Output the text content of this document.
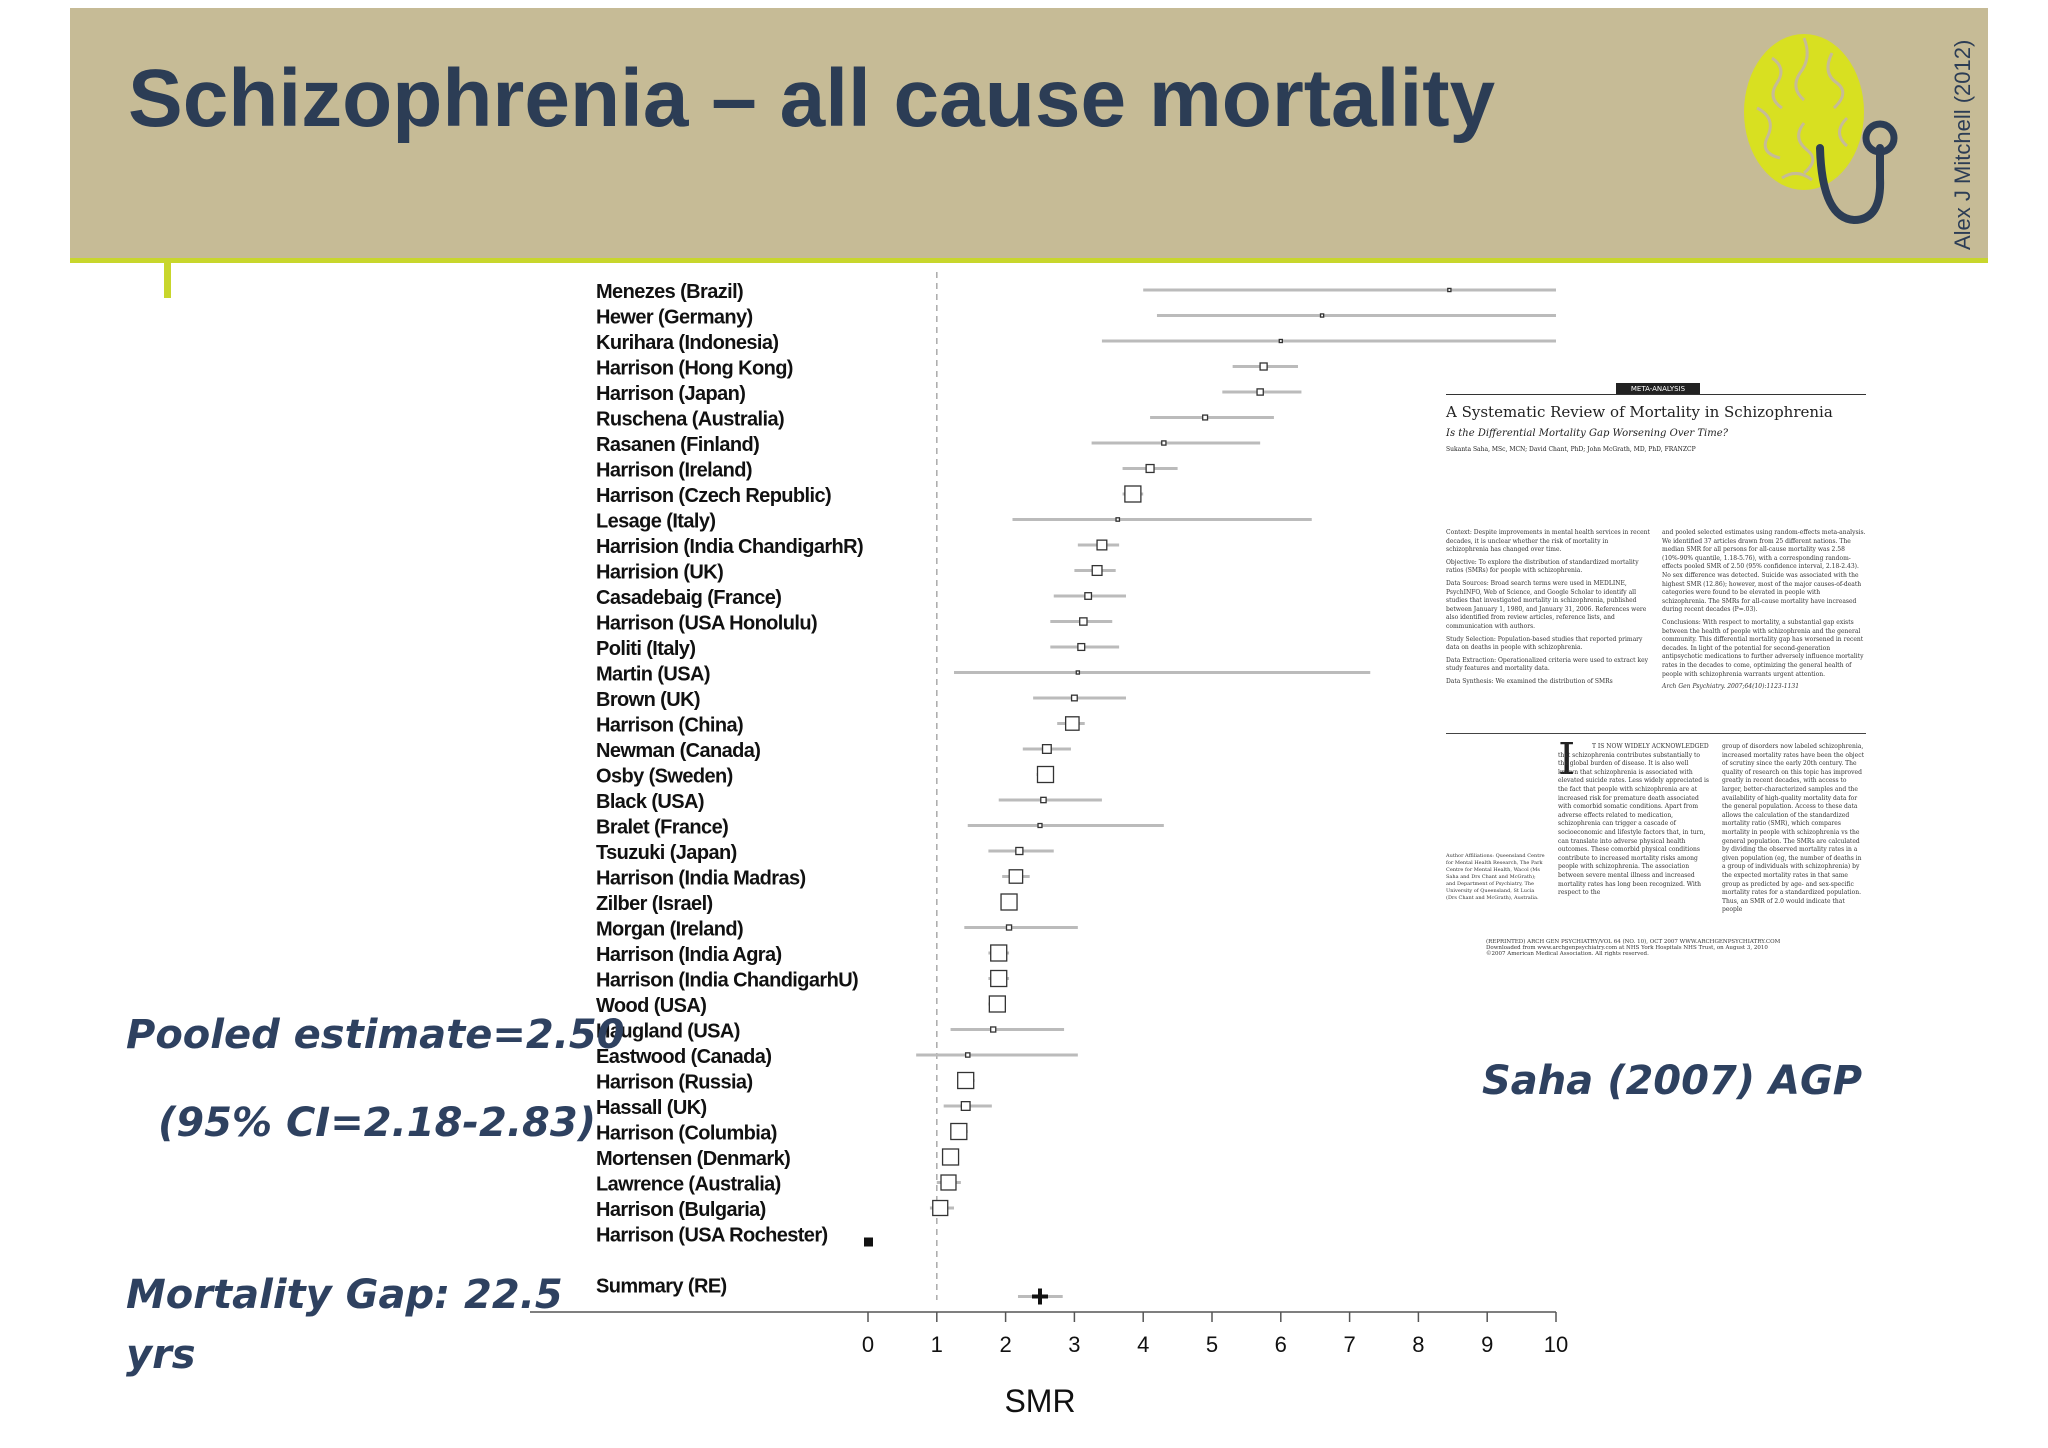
Schizophrenia – all cause mortality	Alex J Mitchell (2012)
Menezes (Brazil)
Hewer (Germany)
Kurihara (Indonesia)
Harrison (Hong Kong)
Harrison (Japan)
Ruschena (Australia)
Rasanen (Finland)
Harrison (Ireland)
Harrison (Czech Republic)
Lesage (Italy)
Harrision (India ChandigarhR)
Harrision (UK)
Casadebaig (France)
Harrison (USA Honolulu)
Politi (Italy)
Martin (USA)
Brown (UK)
Harrison (China)
Newman (Canada)
Osby (Sweden)
Black (USA)
Bralet (France)
Tsuzuki (Japan)
Harrison (India Madras)
Zilber (Israel)
Morgan (Ireland)
Harrison (India Agra)
Harrison (India ChandigarhU)
Wood (USA)
Haugland (USA)
Eastwood (Canada)
Harrison (Russia)
Hassall (UK)
Harrison (Columbia)
Mortensen (Denmark)
Lawrence (Australia)
Harrison (Bulgaria)
Harrison (USA Rochester)
Summary (RE)
0	1	2	3	4	5	6	7	8	9 10
SMR
Pooled estimate=2.50
(95% CI=2.18-2.83)
Mortality Gap: 22.5
yrs
Saha (2007) AGP
META-ANALYSIS
A Systematic Review of Mortality in Schizophrenia
Is the Differential Mortality Gap Worsening Over Time?
Sukanta Saha, MSc, MCN; David Chant, PhD; John McGrath, MD, PhD, FRANZCP
Context: Despite improvements in mental health services in recent decades, it is unclear whether the risk of mortality in schizophrenia has changed over time.
Objective: To explore the distribution of standardized mortality ratios (SMRs) for people with schizophrenia.
Data Sources: Broad search terms were used in MEDLINE, PsychINFO, Web of Science, and Google Scholar to identify all studies that investigated mortality in schizophrenia, published between January 1, 1980, and January 31, 2006. References were also identified from review articles, reference lists, and communication with authors.
Study Selection: Population-based studies that reported primary data on deaths in people with schizophrenia.
Data Extraction: Operationalized criteria were used to extract key study features and mortality data.
Data Synthesis: We examined the distribution of SMRs
and pooled selected estimates using random-effects meta-analysis. We identified 37 articles drawn from 25 different nations. The median SMR for all persons for all-cause mortality was 2.58 (10%-90% quantile, 1.18-5.76), with a corresponding random-effects pooled SMR of 2.50 (95% confidence interval, 2.18-2.43). No sex difference was detected. Suicide was associated with the highest SMR (12.86); however, most of the major causes-of-death categories were found to be elevated in people with schizophrenia. The SMRs for all-cause mortality have increased during recent decades (P=.03).
Conclusions: With respect to mortality, a substantial gap exists between the health of people with schizophrenia and the general community. This differential mortality gap has worsened in recent decades. In light of the potential for second-generation antipsychotic medications to further adversely influence mortality rates in the decades to come, optimizing the general health of people with schizophrenia warrants urgent attention.
Arch Gen Psychiatry. 2007;64(10):1123-1131
I
Author Affiliations: Queensland Centre for Mental Health Research, The Park Centre for Mental Health, Wacol (Ms Saha and Drs Chant and McGrath); and Department of Psychiatry, The University of Queensland, St Lucia (Drs Chant and McGrath), Australia.
T IS NOW WIDELY ACKNOWLEDGED that schizophrenia contributes substantially to the global burden of disease. It is also well known that schizophrenia is associated with elevated suicide rates. Less widely appreciated is the fact that people with schizophrenia are at increased risk for premature death associated with comorbid somatic conditions. Apart from adverse effects related to medication, schizophrenia can trigger a cascade of socioeconomic and lifestyle factors that, in turn, can translate into adverse physical health outcomes. These comorbid physical conditions contribute to increased mortality risks among people with schizophrenia. The association between severe mental illness and increased mortality rates has long been recognized. With respect to the
group of disorders now labeled schizophrenia, increased mortality rates have been the object of scrutiny since the early 20th century. The quality of research on this topic has improved greatly in recent decades, with access to larger, better-characterized samples and the availability of high-quality mortality data for the general population. Access to these data allows the calculation of the standardized mortality ratio (SMR), which compares mortality in people with schizophrenia vs the general population. The SMRs are calculated by dividing the observed mortality rates in a given population (eg, the number of deaths in a group of individuals with schizophrenia) by the expected mortality rates in that same group as predicted by age- and sex-specific mortality rates for a standardized population. Thus, an SMR of 2.0 would indicate that people
(REPRINTED) ARCH GEN PSYCHIATRY/VOL 64 (NO. 10), OCT 2007 WWW.ARCHGENPSYCHIATRY.COM
Downloaded from www.archgenpsychiatry.com at NHS York Hospitals NHS Trust, on August 3, 2010
©2007 American Medical Association. All rights reserved.
